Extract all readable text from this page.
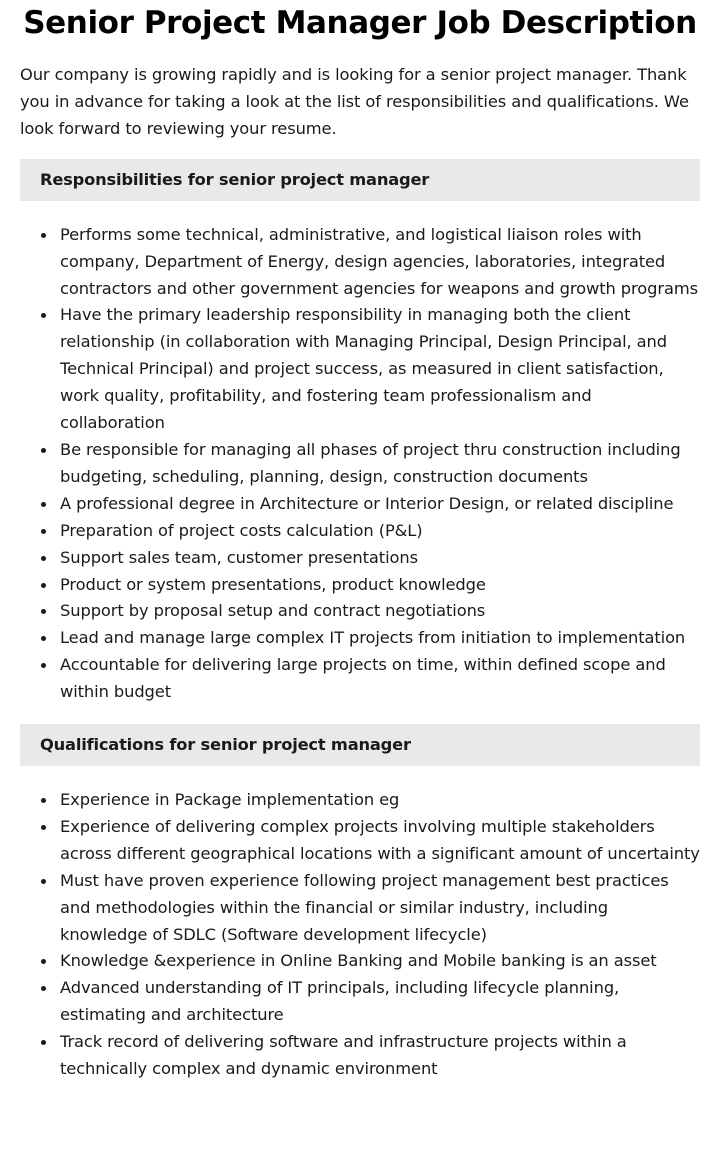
Senior Project Manager Job Description

Our company is growing rapidly and is looking for a senior project manager. Thank you in advance for taking a look at the list of responsibilities and qualifications. We look forward to reviewing your resume.

Responsibilities for senior project manager
Performs some technical, administrative, and logistical liaison roles with company, Department of Energy, design agencies, laboratories, integrated contractors and other government agencies for weapons and growth programs
Have the primary leadership responsibility in managing both the client relationship (in collaboration with Managing Principal, Design Principal, and Technical Principal) and project success, as measured in client satisfaction, work quality, profitability, and fostering team professionalism and collaboration
Be responsible for managing all phases of project thru construction including budgeting, scheduling, planning, design, construction documents
A professional degree in Architecture or Interior Design, or related discipline
Preparation of project costs calculation (P&L)
Support sales team, customer presentations
Product or system presentations, product knowledge
Support by proposal setup and contract negotiations
Lead and manage large complex IT projects from initiation to implementation
Accountable for delivering large projects on time, within defined scope and within budget
Qualifications for senior project manager
Experience in Package implementation eg
Experience of delivering complex projects involving multiple stakeholders across different geographical locations with a significant amount of uncertainty
Must have proven experience following project management best practices and methodologies within the financial or similar industry, including knowledge of SDLC (Software development lifecycle)
Knowledge &experience in Online Banking and Mobile banking is an asset
Advanced understanding of IT principals, including lifecycle planning, estimating and architecture
Track record of delivering software and infrastructure projects within a technically complex and dynamic environment
